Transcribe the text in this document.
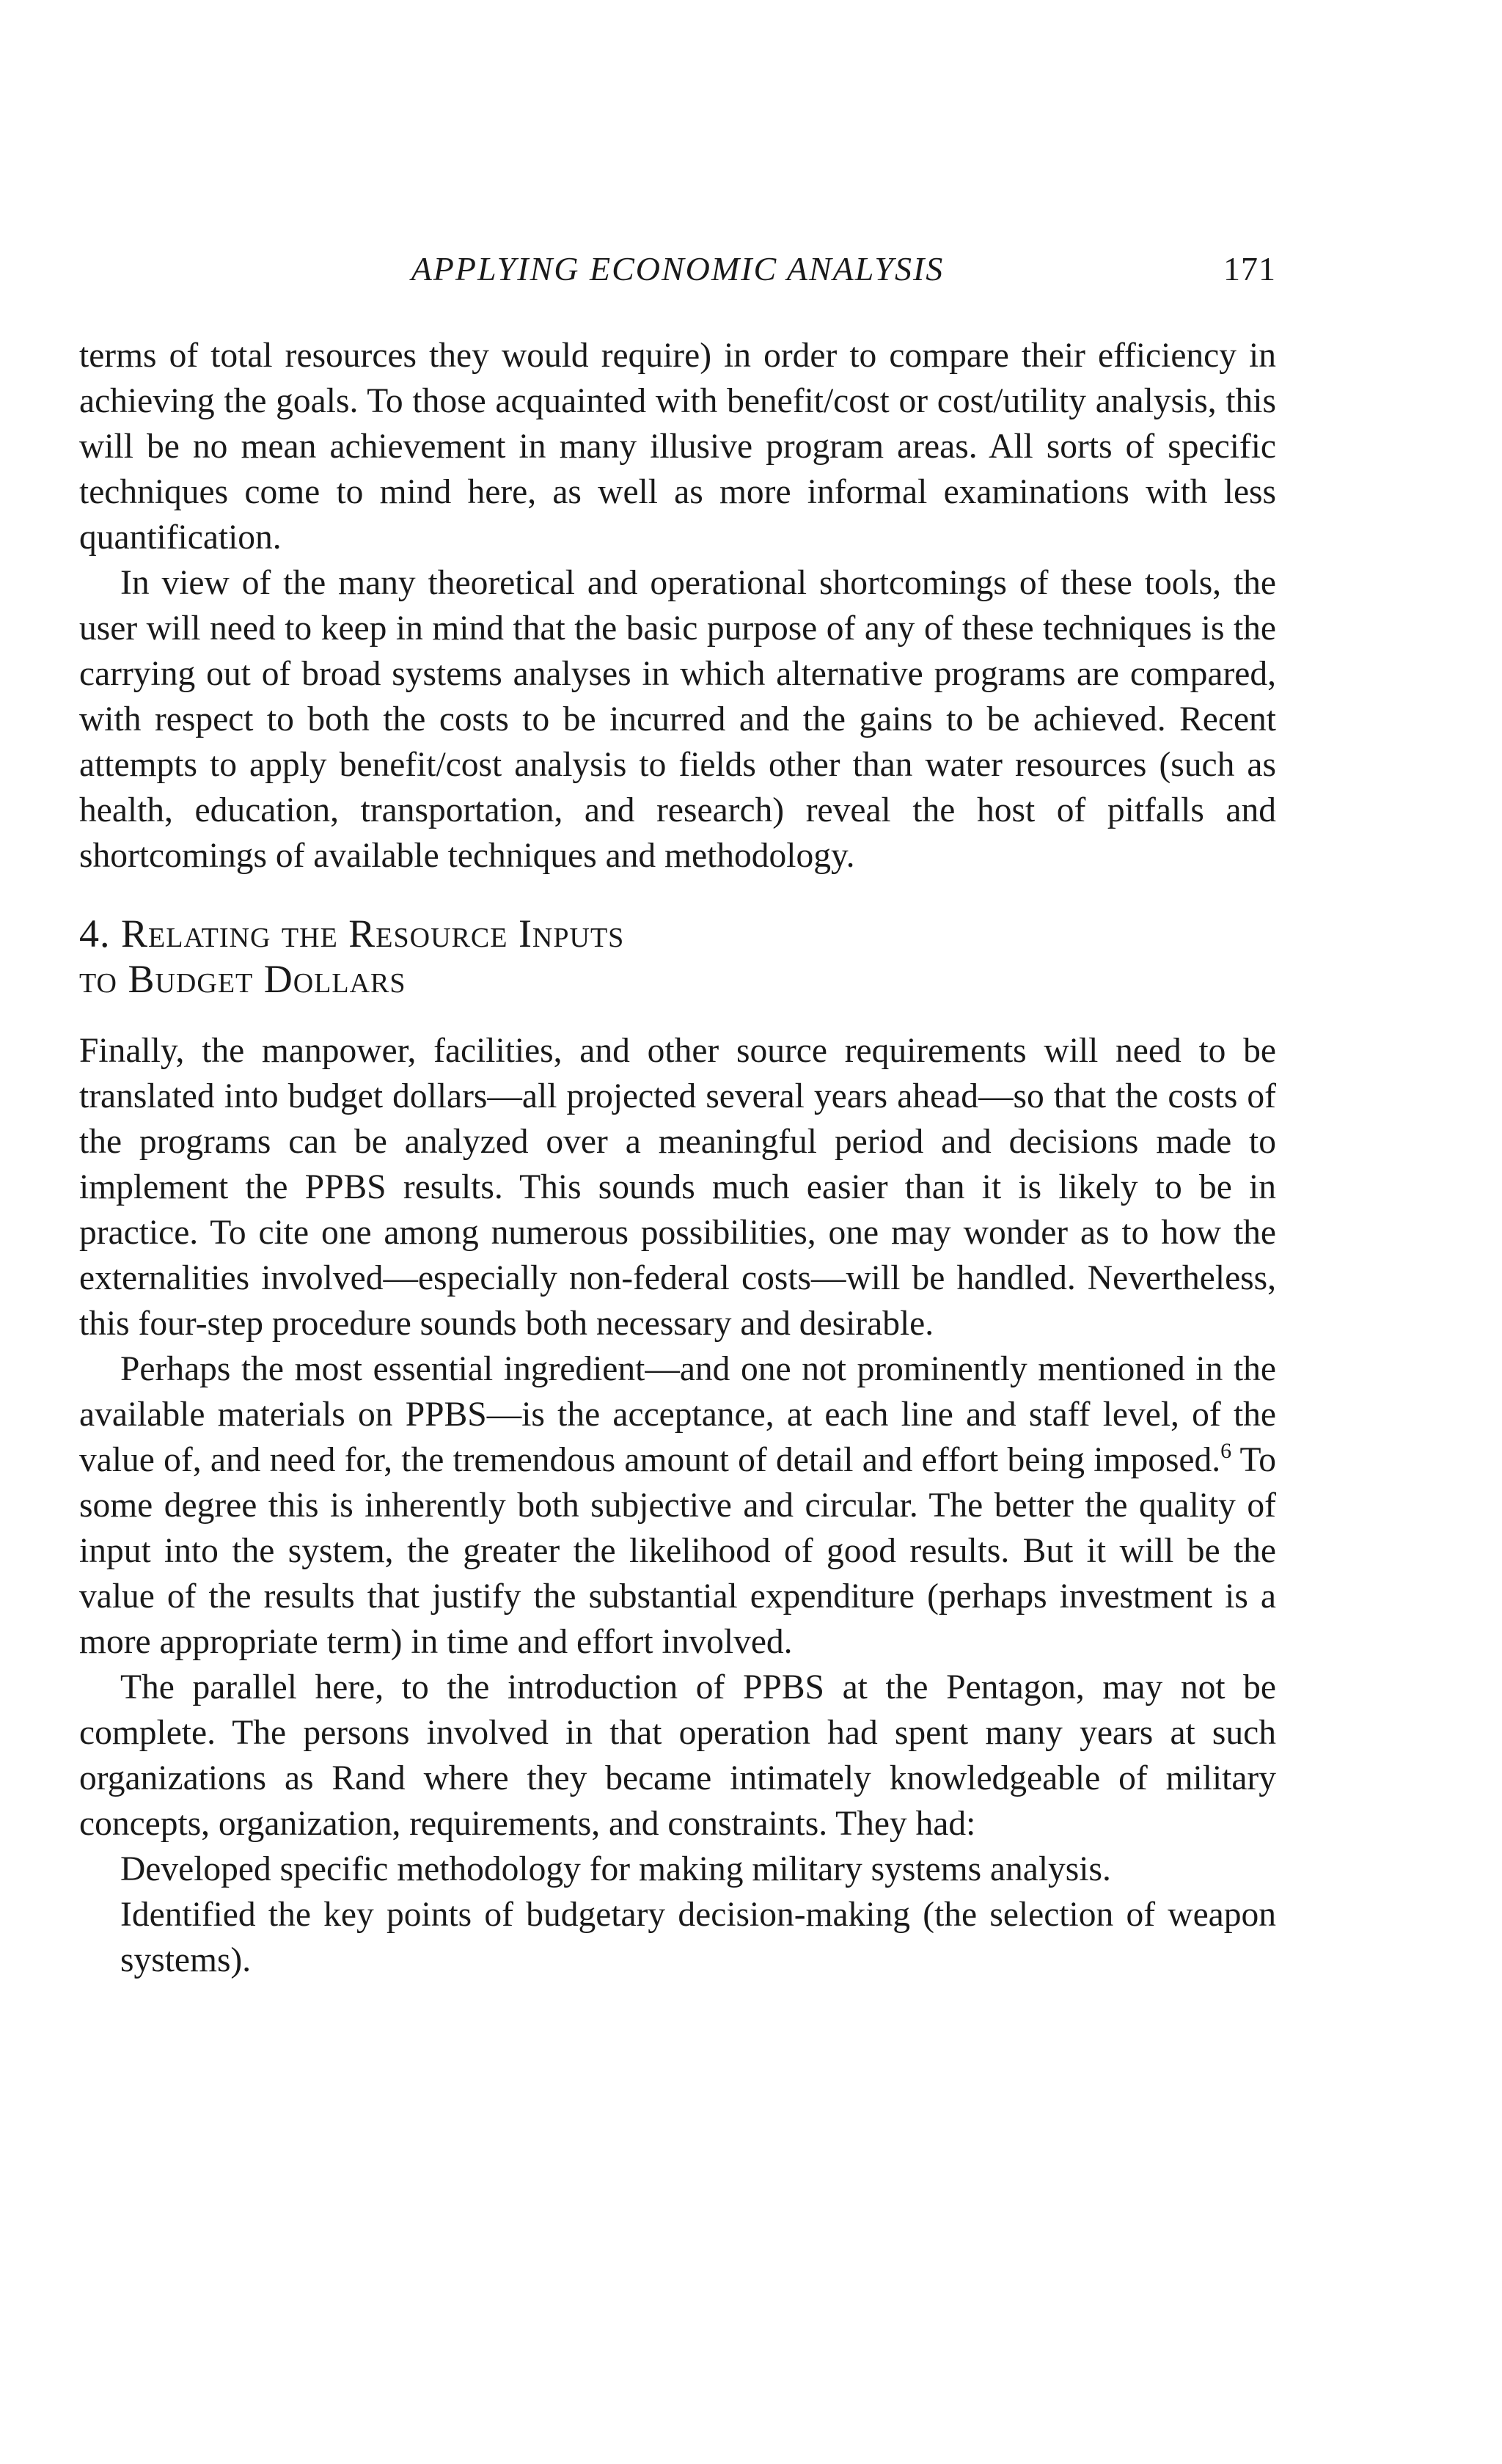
APPLYING ECONOMIC ANALYSIS	171

terms of total resources they would require) in order to compare their efficiency in achieving the goals. To those acquainted with benefit/cost or cost/utility analysis, this will be no mean achievement in many illusive program areas. All sorts of specific techniques come to mind here, as well as more informal examinations with less quantification.

In view of the many theoretical and operational shortcomings of these tools, the user will need to keep in mind that the basic purpose of any of these techniques is the carrying out of broad systems analyses in which alternative programs are compared, with respect to both the costs to be incurred and the gains to be achieved. Recent attempts to apply benefit/cost analysis to fields other than water resources (such as health, education, transportation, and research) reveal the host of pitfalls and shortcomings of available techniques and methodology.

4. Relating the Resource Inputs
to Budget Dollars

Finally, the manpower, facilities, and other source requirements will need to be translated into budget dollars—all projected several years ahead—so that the costs of the programs can be analyzed over a meaningful period and decisions made to implement the PPBS results. This sounds much easier than it is likely to be in practice. To cite one among numerous possibilities, one may wonder as to how the externalities involved—especially non-federal costs—will be handled. Nevertheless, this four-step procedure sounds both necessary and desirable.

Perhaps the most essential ingredient—and one not prominently mentioned in the available materials on PPBS—is the acceptance, at each line and staff level, of the value of, and need for, the tremendous amount of detail and effort being imposed.$^6$ To some degree this is inherently both subjective and circular. The better the quality of input into the system, the greater the likelihood of good results. But it will be the value of the results that justify the substantial expenditure (perhaps investment is a more appropriate term) in time and effort involved.

The parallel here, to the introduction of PPBS at the Pentagon, may not be complete. The persons involved in that operation had spent many years at such organizations as Rand where they became intimately knowledgeable of military concepts, organization, requirements, and constraints. They had:

Developed specific methodology for making military systems analysis.
Identified the key points of budgetary decision-making (the selection of weapon systems).
